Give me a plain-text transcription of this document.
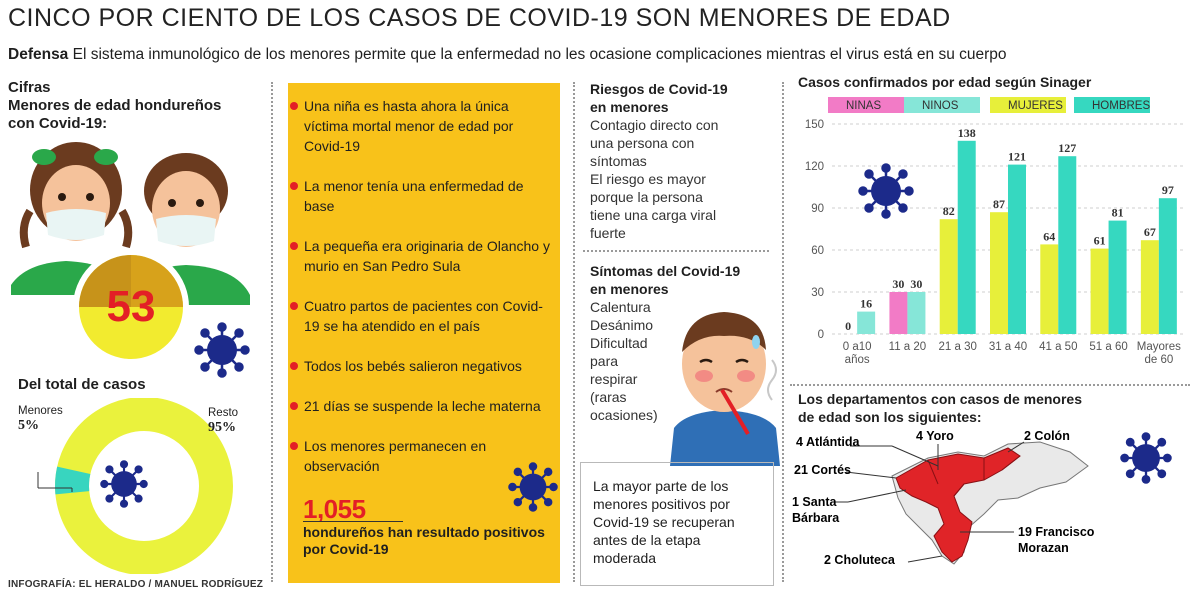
CINCO POR CIENTO DE LOS CASOS DE COVID-19 SON MENORES DE EDAD
Defensa El sistema inmunológico de los menores permite que la enfermedad no les ocasione complicaciones mientras el virus está en su cuerpo
Cifras
Menores de edad hondureños
con Covid-19:
53
Del total de casos
Menores
5%
Resto
95%
Una niña es hasta ahora la única víctima mortal menor de edad por Covid-19
La menor tenía una enfermedad de base
La pequeña era originaria de Olancho y murio en San Pedro Sula
Cuatro partos de pacientes con Covid-19 se ha atendido en el país
Todos los bebés salieron negativos
21 días se suspende la leche materna
Los menores permanecen en observación
1,055
hondureños han resultado positivos por Covid-19
Riesgos de Covid-19
en menores
Contagio directo con
una persona con
síntomas
El riesgo es mayor
porque la persona
tiene una carga viral
fuerte
Síntomas del Covid-19
en menores
Calentura
Desánimo
Dificultad
para
respirar
(raras
ocasiones)
La mayor parte de los menores positivos por Covid-19 se recuperan antes de la etapa moderada
Casos confirmados por edad según Sinager
NINAS	NINOS	MUJERES	HOMBRES
0
30
60
90
120
150
0
16
30 30
82
138
87
121
64
127
61
81
67
97
0 a10
años
11 a 20 21 a 30 31 a 40 41 a 50 51 a 60 Mayores
de 60
Los departamentos con casos de menores de edad son los siguientes:
4 Atlántida	4 Yoro	2 Colón
21 Cortés
1 Santa
Bárbara
19 Francisco
Morazan
2 Choluteca
INFOGRAFÍA: EL HERALDO / MANUEL RODRÍGUEZ
